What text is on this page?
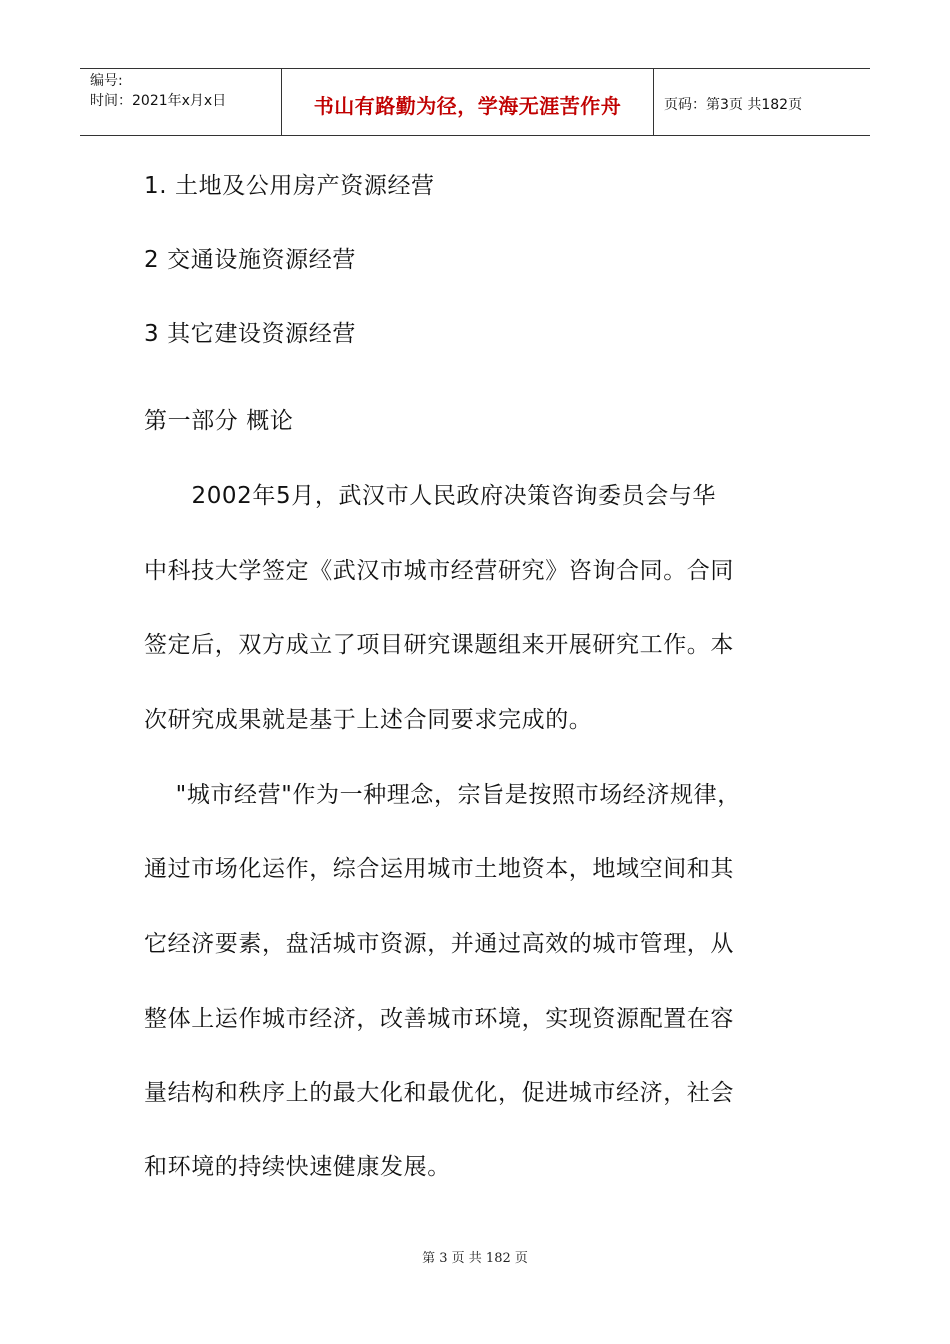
编号:
时间：2021年x月x日	书山有路勤为径，学海无涯苦作舟	页码：第3页 共182页
1. 土地及公用房产资源经营
2 交通设施资源经营
3 其它建设资源经营
第一部分 概论
2002年5月，武汉市人民政府决策咨询委员会与华
中科技大学签定《武汉市城市经营研究》咨询合同。合同
签定后，双方成立了项目研究课题组来开展研究工作。本
次研究成果就是基于上述合同要求完成的。
"城市经营"作为一种理念，宗旨是按照市场经济规律，
通过市场化运作，综合运用城市土地资本，地域空间和其
它经济要素，盘活城市资源，并通过高效的城市管理，从
整体上运作城市经济，改善城市环境，实现资源配置在容
量结构和秩序上的最大化和最优化，促进城市经济，社会
和环境的持续快速健康发展。
第 3 页 共 182 页
